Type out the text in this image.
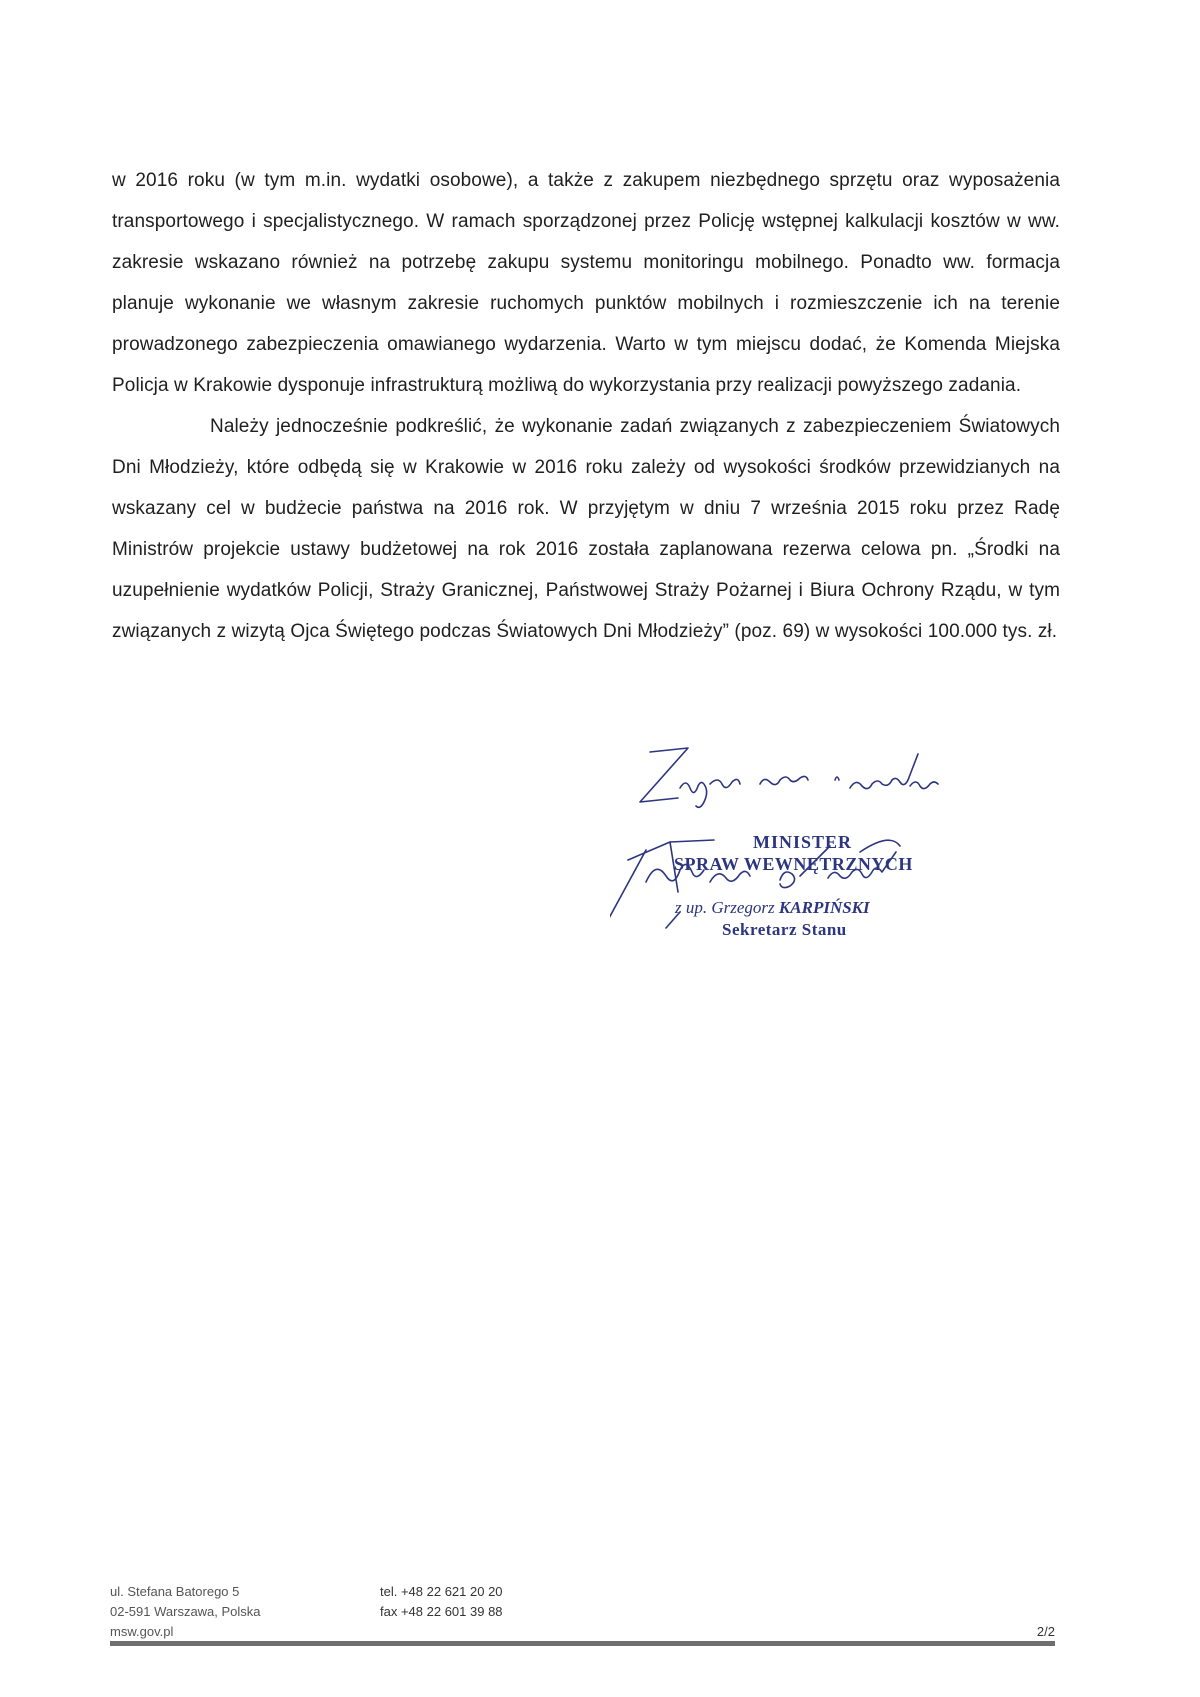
w 2016 roku (w tym m.in. wydatki osobowe), a także z zakupem niezbędnego sprzętu oraz wyposażenia transportowego i specjalistycznego. W ramach sporządzonej przez Policję wstępnej kalkulacji kosztów w ww. zakresie wskazano również na potrzebę zakupu systemu monitoringu mobilnego. Ponadto ww. formacja planuje wykonanie we własnym zakresie ruchomych punktów mobilnych i rozmieszczenie ich na terenie prowadzonego zabezpieczenia omawianego wydarzenia. Warto w tym miejscu dodać, że Komenda Miejska Policja w Krakowie dysponuje infrastrukturą możliwą do wykorzystania przy realizacji powyższego zadania.

Należy jednocześnie podkreślić, że wykonanie zadań związanych z zabezpieczeniem Światowych Dni Młodzieży, które odbędą się w Krakowie w 2016 roku zależy od wysokości środków przewidzianych na wskazany cel w budżecie państwa na 2016 rok. W przyjętym w dniu 7 września 2015 roku przez Radę Ministrów projekcie ustawy budżetowej na rok 2016 została zaplanowana rezerwa celowa pn. „Środki na uzupełnienie wydatków Policji, Straży Granicznej, Państwowej Straży Pożarnej i Biura Ochrony Rządu, w tym związanych z wizytą Ojca Świętego podczas Światowych Dni Młodzieży” (poz. 69) w wysokości 100.000 tys. zł.

MINISTER
SPRAW WEWNĘTRZNYCH
z up. Grzegorz KARPIŃSKI
Sekretarz Stanu
ul. Stefana Batorego 5
02-591 Warszawa, Polska
msw.gov.pl
tel. +48 22 621 20 20
fax +48 22 601 39 88
2/2
